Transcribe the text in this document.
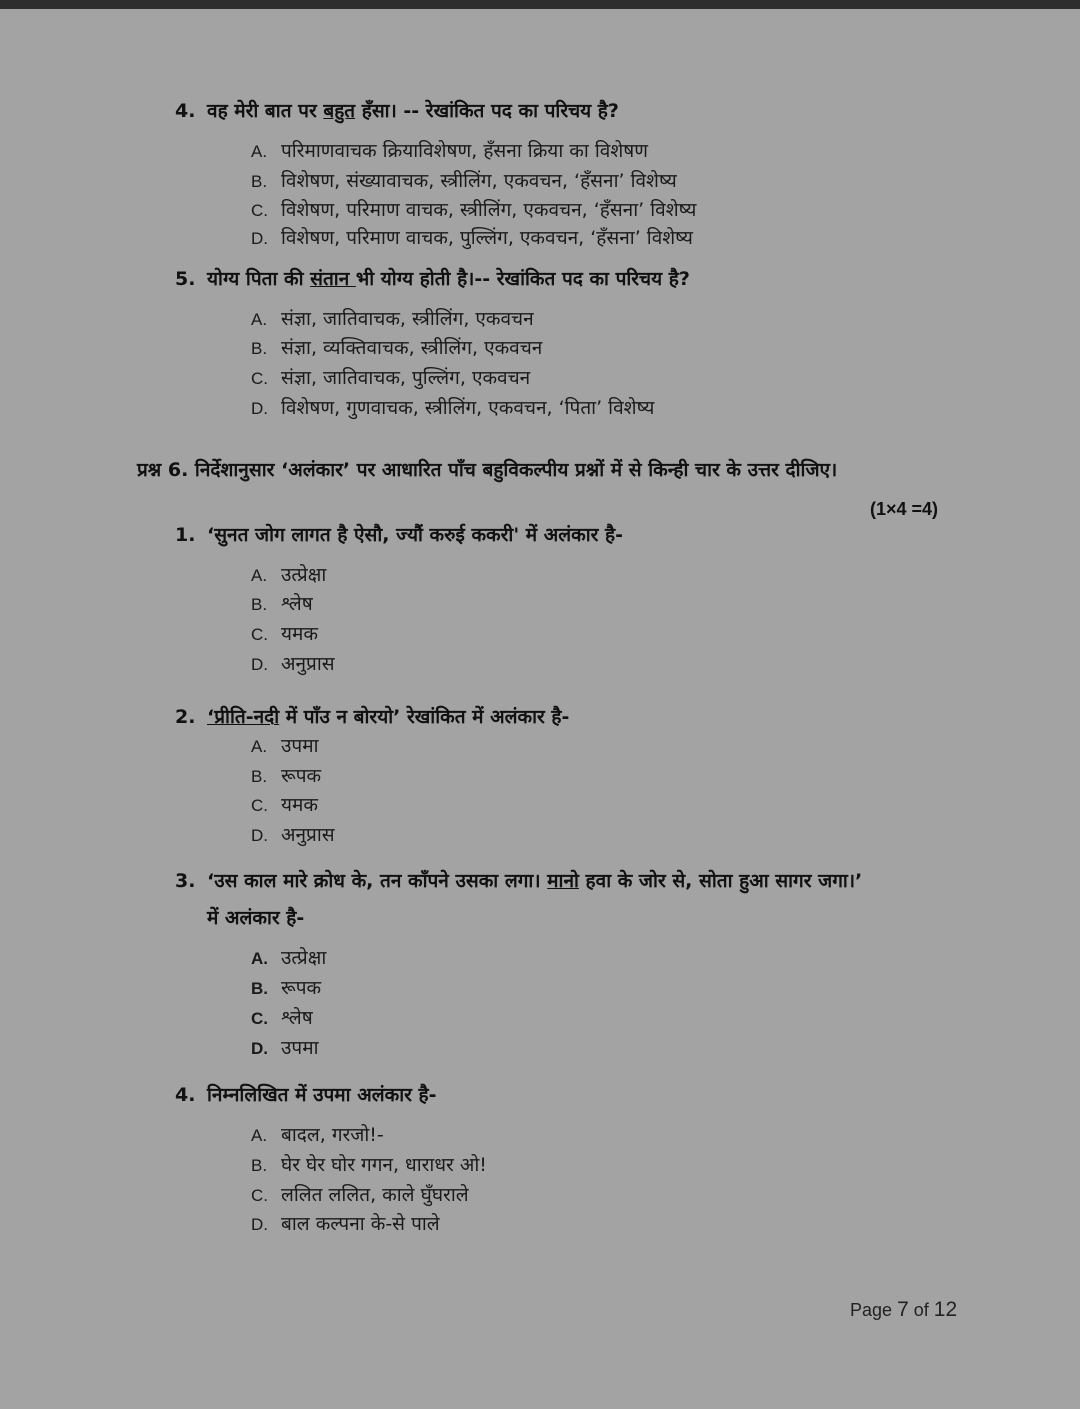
4. वह मेरी बात पर बहुत हँसा। -- रेखांकित पद का परिचय है?
A. परिमाणवाचक क्रियाविशेषण, हँसना क्रिया का विशेषण
B. विशेषण, संख्यावाचक, स्त्रीलिंग, एकवचन, ‘हँसना’ विशेष्य
C. विशेषण, परिमाण वाचक, स्त्रीलिंग, एकवचन, ‘हँसना’ विशेष्य
D. विशेषण, परिमाण वाचक, पुल्लिंग, एकवचन, ‘हँसना’ विशेष्य
5. योग्य पिता की संतान भी योग्य होती है।-- रेखांकित पद का परिचय है?
A. संज्ञा, जातिवाचक, स्त्रीलिंग, एकवचन
B. संज्ञा, व्यक्तिवाचक, स्त्रीलिंग, एकवचन
C. संज्ञा, जातिवाचक, पुल्लिंग, एकवचन
D. विशेषण, गुणवाचक, स्त्रीलिंग, एकवचन, ‘पिता’ विशेष्य
प्रश्न 6. निर्देशानुसार ‘अलंकार’ पर आधारित पाँच बहुविकल्पीय प्रश्नों में से किन्ही चार के उत्तर दीजिए।
(1×4 =4)
1. ‘सुनत जोग लागत है ऐसौ, ज्यौं करुई ककरी' में अलंकार है-
A. उत्प्रेक्षा
B. श्लेष
C. यमक
D. अनुप्रास
2. ‘प्रीति-नदी में पाँउ न बोरयो’ रेखांकित में अलंकार है-
A. उपमा
B. रूपक
C. यमक
D. अनुप्रास
3. ‘उस काल मारे क्रोध के, तन काँपने उसका लगा। मानो हवा के जोर से, सोता हुआ सागर जगा।’
में अलंकार है-
A. उत्प्रेक्षा
B. रूपक
C. श्लेष
D. उपमा
4. निम्नलिखित में उपमा अलंकार है-
A. बादल, गरजो!-
B. घेर घेर घोर गगन, धाराधर ओ!
C. ललित ललित, काले घुँघराले
D. बाल कल्पना के-से पाले
Page 7 of 12
